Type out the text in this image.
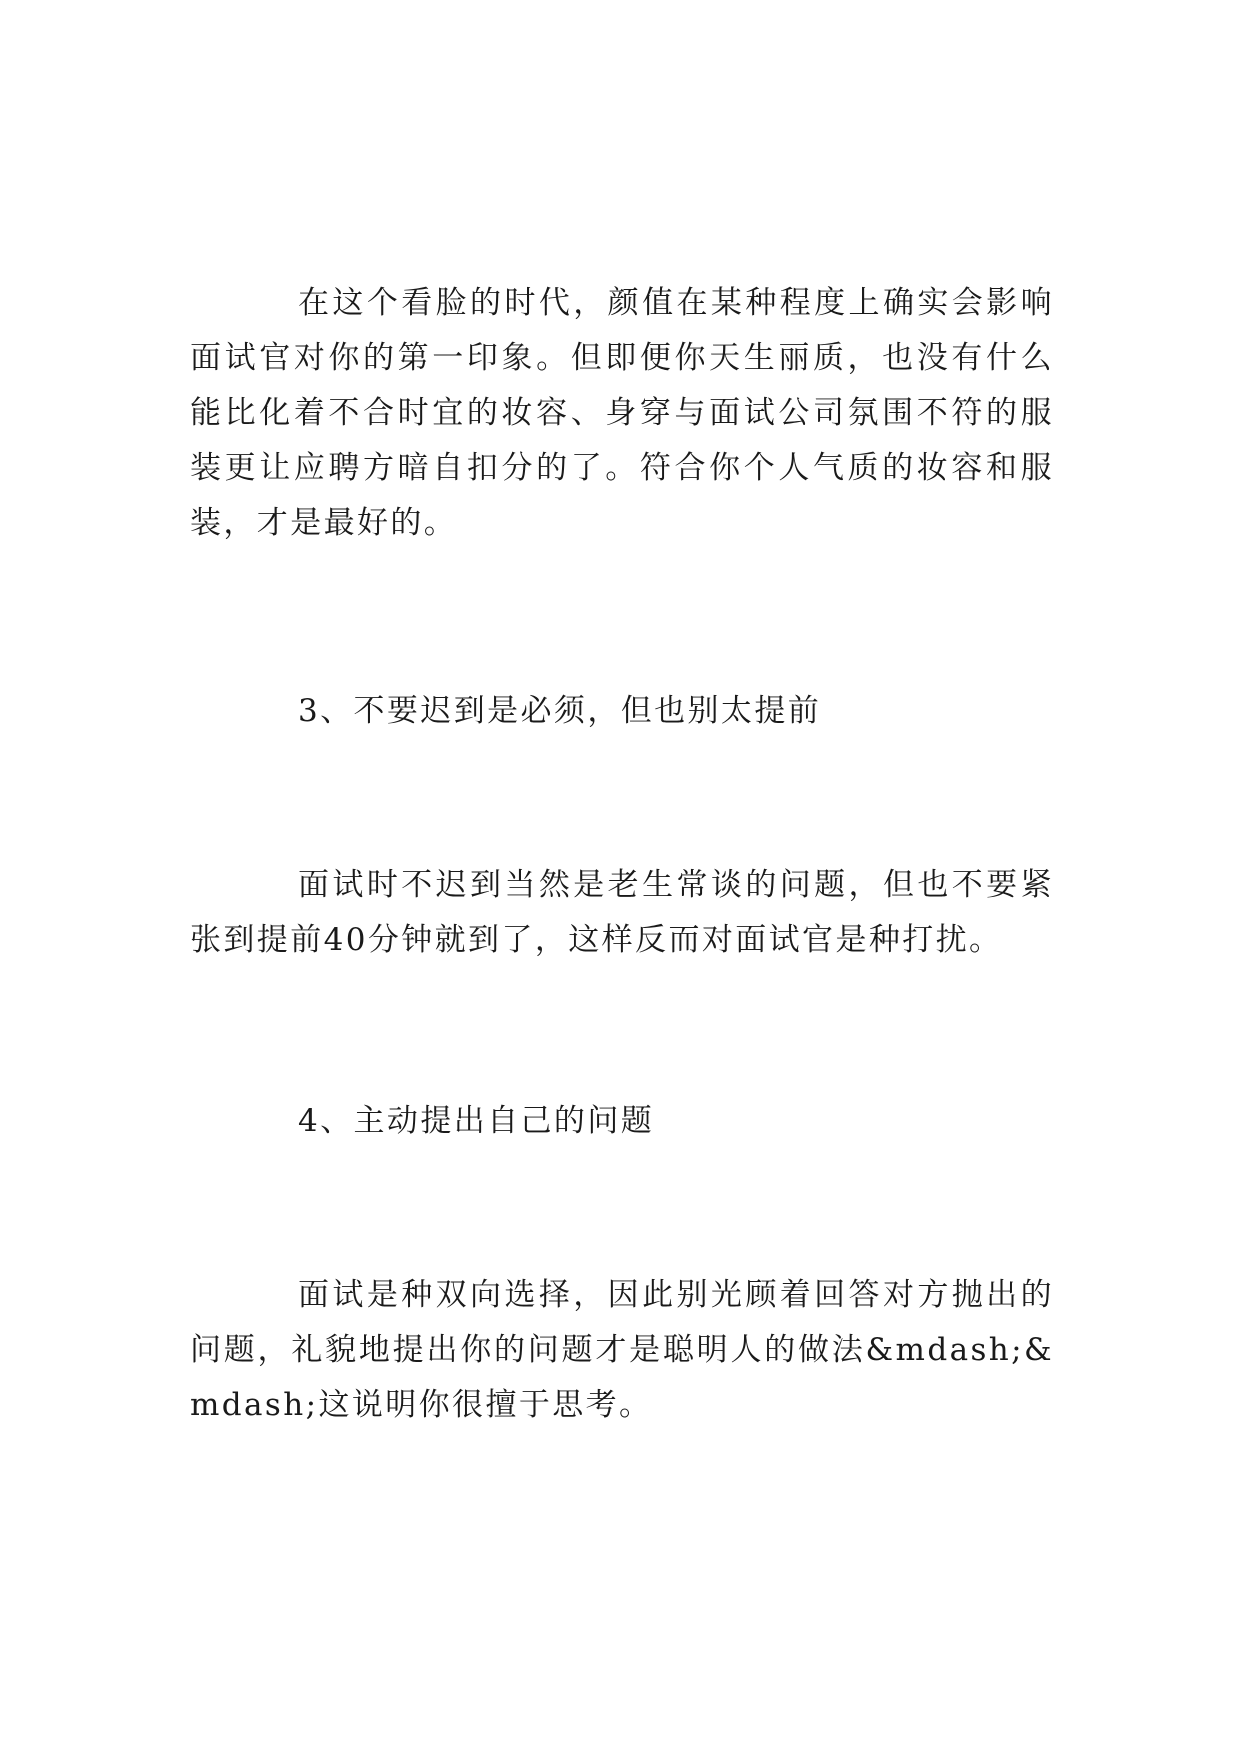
在这个看脸的时代，颜值在某种程度上确实会影响面试官对你的第一印象。但即便你天生丽质，也没有什么能比化着不合时宜的妆容、身穿与面试公司氛围不符的服装更让应聘方暗自扣分的了。符合你个人气质的妆容和服装，才是最好的。

3、不要迟到是必须，但也别太提前

面试时不迟到当然是老生常谈的问题，但也不要紧张到提前40分钟就到了，这样反而对面试官是种打扰。

4、主动提出自己的问题

面试是种双向选择，因此别光顾着回答对方抛出的问题，礼貌地提出你的问题才是聪明人的做法&mdash;&mdash;这说明你很擅于思考。
